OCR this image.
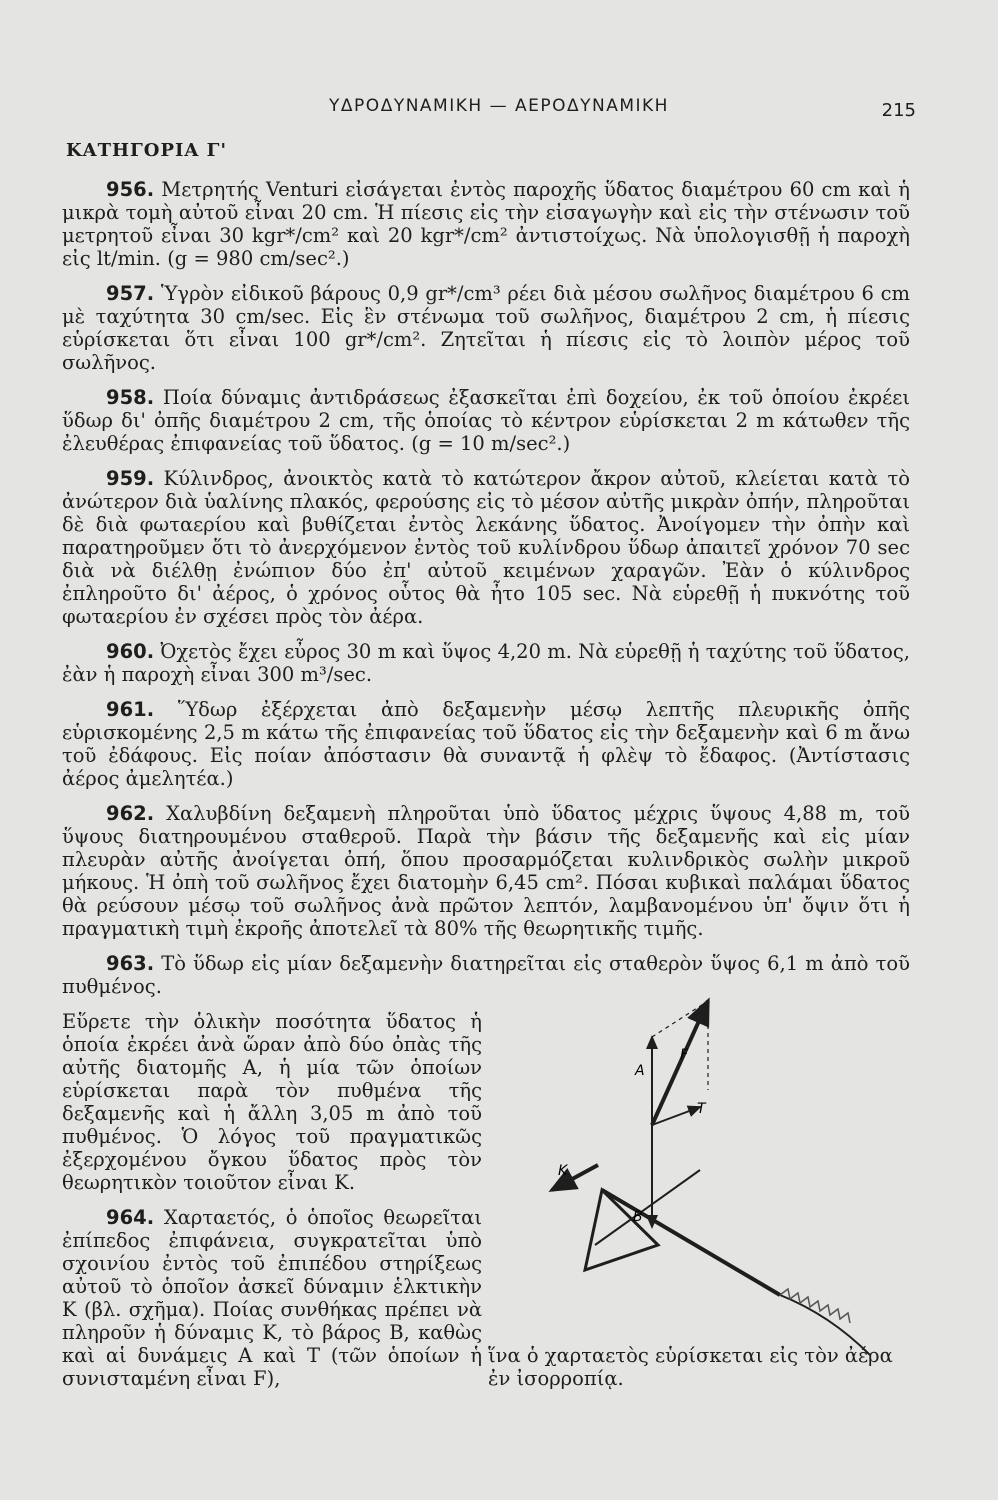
ΥΔΡΟΔΥΝΑΜΙΚΗ — ΑΕΡΟΔΥΝΑΜΙΚΗ	215
ΚΑΤΗΓΟΡΙΑ Γ'

956. Μετρητής Venturi εἰσάγεται ἐντὸς παροχῆς ὕδατος διαμέτρου 60 cm καὶ ἡ μικρὰ τομὴ αὐτοῦ εἶναι 20 cm. Ἡ πίεσις εἰς τὴν εἰσαγωγὴν καὶ εἰς τὴν στένωσιν τοῦ μετρητοῦ εἶναι 30 kgr*/cm² καὶ 20 kgr*/cm² ἀντιστοίχως. Νὰ ὑπολογισθῇ ἡ παροχὴ εἰς lt/min. (g = 980 cm/sec².)

957. Ὑγρὸν εἰδικοῦ βάρους 0,9 gr*/cm³ ρέει διὰ μέσου σωλῆνος διαμέτρου 6 cm μὲ ταχύτητα 30 cm/sec. Εἰς ἓν στένωμα τοῦ σωλῆνος, διαμέτρου 2 cm, ἡ πίεσις εὑρίσκεται ὅτι εἶναι 100 gr*/cm². Ζητεῖται ἡ πίεσις εἰς τὸ λοιπὸν μέρος τοῦ σωλῆνος.

958. Ποία δύναμις ἀντιδράσεως ἐξασκεῖται ἐπὶ δοχείου, ἐκ τοῦ ὁποίου ἐκρέει ὕδωρ δι' ὀπῆς διαμέτρου 2 cm, τῆς ὁποίας τὸ κέντρον εὑρίσκεται 2 m κάτωθεν τῆς ἐλευθέρας ἐπιφανείας τοῦ ὕδατος. (g = 10 m/sec².)

959. Κύλινδρος, ἀνοικτὸς κατὰ τὸ κατώτερον ἄκρον αὐτοῦ, κλείεται κατὰ τὸ ἀνώτερον διὰ ὑαλίνης πλακός, φερούσης εἰς τὸ μέσον αὐτῆς μικρὰν ὀπήν, πληροῦται δὲ διὰ φωταερίου καὶ βυθίζεται ἐντὸς λεκάνης ὕδατος. Ἀνοίγομεν τὴν ὀπὴν καὶ παρατηροῦμεν ὅτι τὸ ἀνερχόμενον ἐντὸς τοῦ κυλίνδρου ὕδωρ ἀπαιτεῖ χρόνον 70 sec διὰ νὰ διέλθῃ ἐνώπιον δύο ἐπ' αὐτοῦ κειμένων χαραγῶν. Ἐὰν ὁ κύλινδρος ἐπληροῦτο δι' ἀέρος, ὁ χρόνος οὗτος θὰ ἦτο 105 sec. Νὰ εὑρεθῇ ἡ πυκνότης τοῦ φωταερίου ἐν σχέσει πρὸς τὸν ἀέρα.

960. Ὀχετὸς ἔχει εὖρος 30 m καὶ ὕψος 4,20 m. Νὰ εὑρεθῇ ἡ ταχύτης τοῦ ὕδατος, ἐὰν ἡ παροχὴ εἶναι 300 m³/sec.

961. Ὕδωρ ἐξέρχεται ἀπὸ δεξαμενὴν μέσῳ λεπτῆς πλευρικῆς ὀπῆς εὑρισκομένης 2,5 m κάτω τῆς ἐπιφανείας τοῦ ὕδατος εἰς τὴν δεξαμενὴν καὶ 6 m ἄνω τοῦ ἐδάφους. Εἰς ποίαν ἀπόστασιν θὰ συναντᾷ ἡ φλὲψ τὸ ἔδαφος. (Ἀντίστασις ἀέρος ἀμελητέα.)

962. Χαλυβδίνη δεξαμενὴ πληροῦται ὑπὸ ὕδατος μέχρις ὕψους 4,88 m, τοῦ ὕψους διατηρουμένου σταθεροῦ. Παρὰ τὴν βάσιν τῆς δεξαμενῆς καὶ εἰς μίαν πλευρὰν αὐτῆς ἀνοίγεται ὀπή, ὅπου προσαρμόζεται κυλινδρικὸς σωλὴν μικροῦ μήκους. Ἡ ὀπὴ τοῦ σωλῆνος ἔχει διατομὴν 6,45 cm². Πόσαι κυβικαὶ παλάμαι ὕδατος θὰ ρεύσουν μέσῳ τοῦ σωλῆνος ἀνὰ πρῶτον λεπτόν, λαμβανομένου ὑπ' ὄψιν ὅτι ἡ πραγματικὴ τιμὴ ἐκροῆς ἀποτελεῖ τὰ 80% τῆς θεωρητικῆς τιμῆς.

963. Τὸ ὕδωρ εἰς μίαν δεξαμενὴν διατηρεῖται εἰς σταθερὸν ὕψος 6,1 m ἀπὸ τοῦ πυθμένος.

Εὕρετε τὴν ὁλικὴν ποσότητα ὕδατος ἡ ὁποία ἐκρέει ἀνὰ ὥραν ἀπὸ δύο ὀπὰς τῆς αὐτῆς διατομῆς Α, ἡ μία τῶν ὁποίων εὑρίσκεται παρὰ τὸν πυθμένα τῆς δεξαμενῆς καὶ ἡ ἄλλη 3,05 m ἀπὸ τοῦ πυθμένος. Ὁ λόγος τοῦ πραγματικῶς ἐξερχομένου ὄγκου ὕδατος πρὸς τὸν θεωρητικὸν τοιοῦτον εἶναι Κ.

964. Χαρταετός, ὁ ὁποῖος θεωρεῖται ἐπίπεδος ἐπιφάνεια, συγκρατεῖται ὑπὸ σχοινίου ἐντὸς τοῦ ἐπιπέδου στηρίξεως αὐτοῦ τὸ ὁποῖον ἀσκεῖ δύναμιν ἑλκτικὴν Κ (βλ. σχῆμα). Ποίας συνθήκας πρέπει νὰ πληροῦν ἡ δύναμις Κ, τὸ βάρος Β, καθὼς καὶ αἱ δυνάμεις Α καὶ Τ (τῶν ὁποίων ἡ συνισταμένη εἶναι F),

ἵνα ὁ χαρταετὸς εὑρίσκεται εἰς τὸν ἀέρα ἐν ἰσορροπίᾳ.
A
F
T
K
B
